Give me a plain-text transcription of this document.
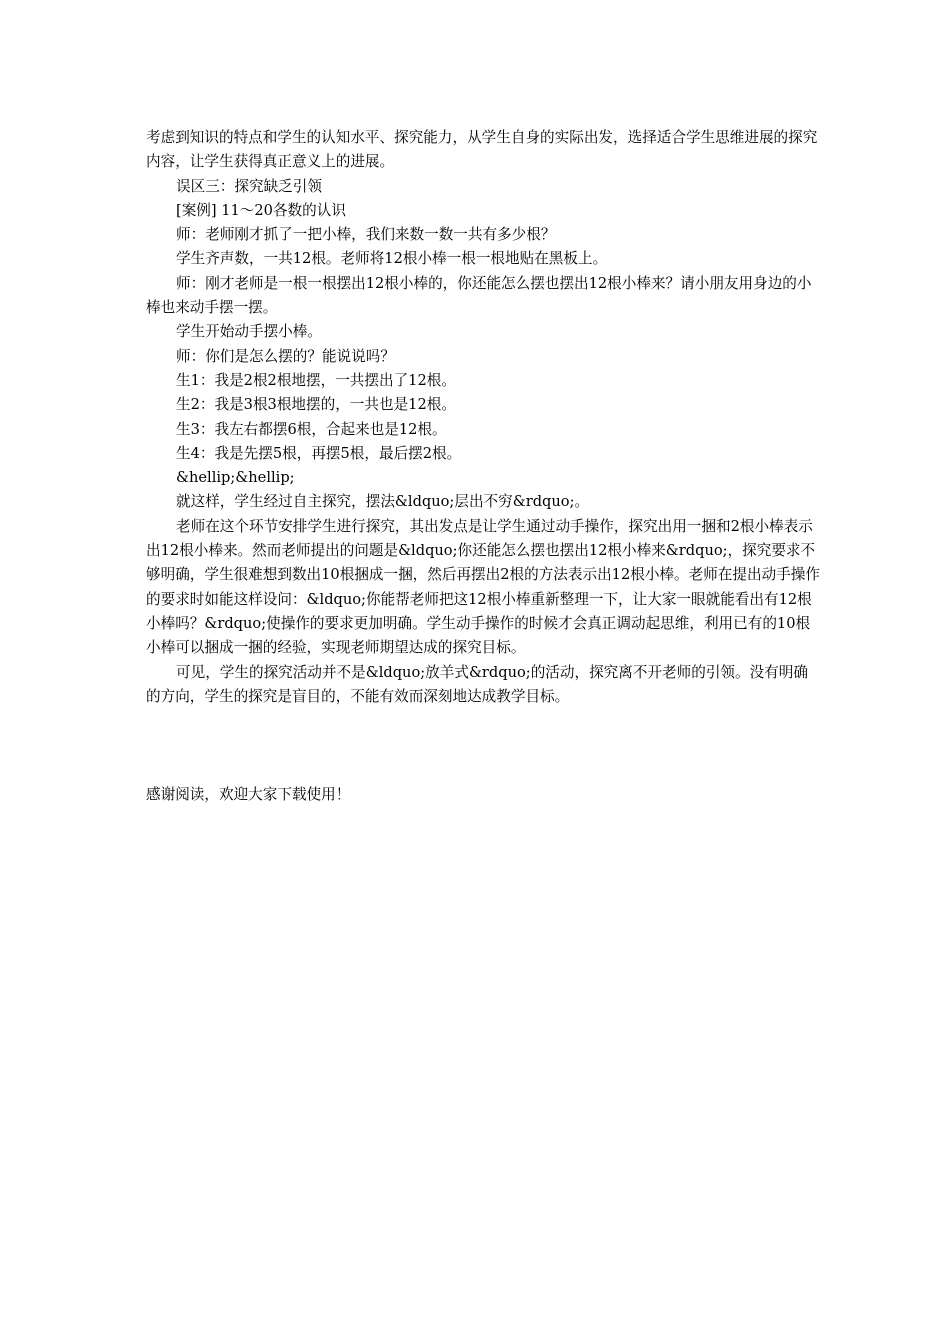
考虑到知识的特点和学生的认知水平、探究能力，从学生自身的实际出发，选择适合学生思维进展的探究内容，让学生获得真正意义上的进展。

误区三：探究缺乏引领

[案例] 11～20各数的认识

师：老师刚才抓了一把小棒，我们来数一数一共有多少根？

学生齐声数，一共12根。老师将12根小棒一根一根地贴在黑板上。

师：刚才老师是一根一根摆出12根小棒的，你还能怎么摆也摆出12根小棒来？请小朋友用身边的小棒也来动手摆一摆。

学生开始动手摆小棒。

师：你们是怎么摆的？能说说吗？

生1：我是2根2根地摆，一共摆出了12根。

生2：我是3根3根地摆的，一共也是12根。

生3：我左右都摆6根，合起来也是12根。

生4：我是先摆5根，再摆5根，最后摆2根。

&hellip;&hellip;

就这样，学生经过自主探究，摆法&ldquo;层出不穷&rdquo;。

老师在这个环节安排学生进行探究，其出发点是让学生通过动手操作，探究出用一捆和2根小棒表示出12根小棒来。然而老师提出的问题是&ldquo;你还能怎么摆也摆出12根小棒来&rdquo;，探究要求不够明确，学生很难想到数出10根捆成一捆，然后再摆出2根的方法表示出12根小棒。老师在提出动手操作的要求时如能这样设问：&ldquo;你能帮老师把这12根小棒重新整理一下，让大家一眼就能看出有12根小棒吗？&rdquo;使操作的要求更加明确。学生动手操作的时候才会真正调动起思维，利用已有的10根小棒可以捆成一捆的经验，实现老师期望达成的探究目标。

可见，学生的探究活动并不是&ldquo;放羊式&rdquo;的活动，探究离不开老师的引领。没有明确的方向，学生的探究是盲目的，不能有效而深刻地达成教学目标。

感谢阅读，欢迎大家下载使用！
